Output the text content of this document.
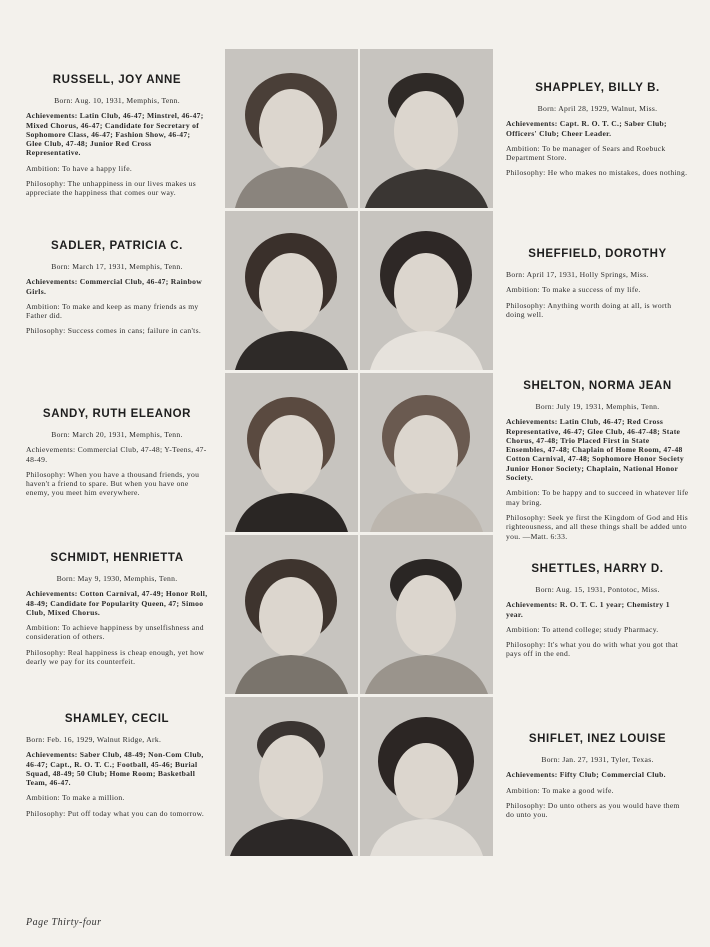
RUSSELL, JOY ANNE

Born: Aug. 10, 1931, Memphis, Tenn.

Achievements: Latin Club, 46-47; Minstrel, 46-47; Mixed Chorus, 46-47; Candidate for Secretary of Sophomore Class, 46-47; Fashion Show, 46-47; Glee Club, 47-48; Junior Red Cross Representative.

Ambition: To have a happy life.

Philosophy: The unhappiness in our lives makes us appreciate the happiness that comes our way.

SHAPPLEY, BILLY B.

Born: April 28, 1929, Walnut, Miss.

Achievements: Capt. R. O. T. C.; Saber Club; Officers' Club; Cheer Leader.

Ambition: To be manager of Sears and Roebuck Department Store.

Philosophy: He who makes no mistakes, does nothing.

SADLER, PATRICIA C.

Born: March 17, 1931, Memphis, Tenn.

Achievements: Commercial Club, 46-47; Rainbow Girls.

Ambition: To make and keep as many friends as my Father did.

Philosophy: Success comes in cans; failure in can'ts.

SHEFFIELD, DOROTHY

Born: April 17, 1931, Holly Springs, Miss.

Ambition: To make a success of my life.

Philosophy: Anything worth doing at all, is worth doing well.

SANDY, RUTH ELEANOR

Born: March 20, 1931, Memphis, Tenn.

Achievements: Commercial Club, 47-48; Y-Teens, 47-48-49.

Philosophy: When you have a thousand friends, you haven't a friend to spare. But when you have one enemy, you meet him everywhere.

SHELTON, NORMA JEAN

Born: July 19, 1931, Memphis, Tenn.

Achievements: Latin Club, 46-47; Red Cross Representative, 46-47; Glee Club, 46-47-48; State Chorus, 47-48; Trio Placed First in State Ensembles, 47-48; Chaplain of Home Room, 47-48 Cotton Carnival, 47-48; Sophomore Honor Society Junior Honor Society; Chaplain, National Honor Society.

Ambition: To be happy and to succeed in whatever life may bring.

Philosophy: Seek ye first the Kingdom of God and His righteousness, and all these things shall be added unto you. —Matt. 6:33.

SCHMIDT, HENRIETTA

Born: May 9, 1930, Memphis, Tenn.

Achievements: Cotton Carnival, 47-49; Honor Roll, 48-49; Candidate for Popularity Queen, 47; Simoo Club, Mixed Chorus.

Ambition: To achieve happiness by unselfishness and consideration of others.

Philosophy: Real happiness is cheap enough, yet how dearly we pay for its counterfeit.

SHETTLES, HARRY D.

Born: Aug. 15, 1931, Pontotoc, Miss.

Achievements: R. O. T. C. 1 year; Chemistry 1 year.

Ambition: To attend college; study Pharmacy.

Philosophy: It's what you do with what you got that pays off in the end.

SHAMLEY, CECIL

Born: Feb. 16, 1929, Walnut Ridge, Ark.

Achievements: Saber Club, 48-49; Non-Com Club, 46-47; Capt., R. O. T. C.; Football, 45-46; Burial Squad, 48-49; 50 Club; Home Room; Basketball Team, 46-47.

Ambition: To make a million.

Philosophy: Put off today what you can do tomorrow.

SHIFLET, INEZ LOUISE

Born: Jan. 27, 1931, Tyler, Texas.

Achievements: Fifty Club; Commercial Club.

Ambition: To make a good wife.

Philosophy: Do unto others as you would have them do unto you.

Page Thirty-four
